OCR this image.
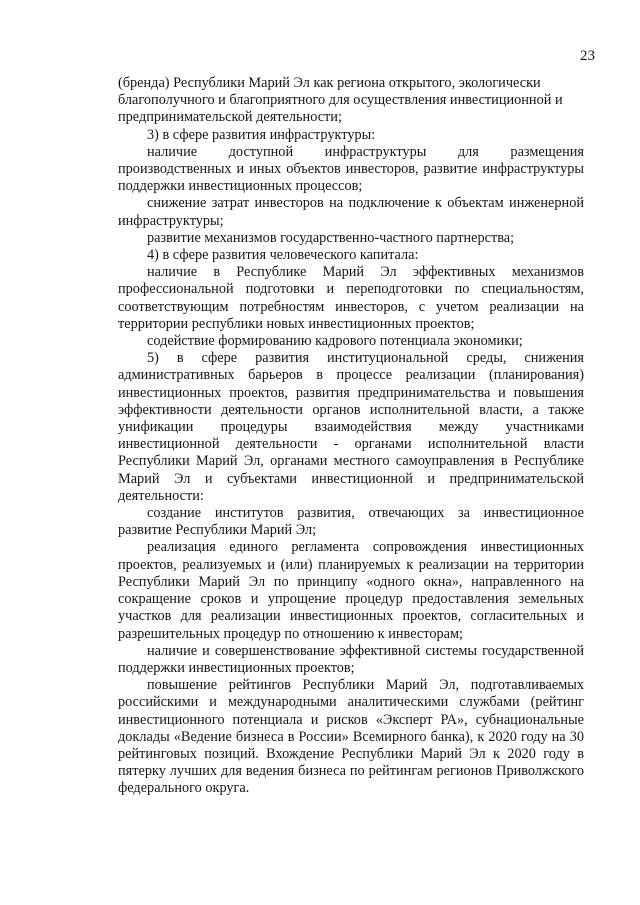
23

(бренда) Республики Марий Эл как региона открытого, экологически благополучного и благоприятного для осуществления инвестиционной и предпринимательской деятельности;

3) в сфере развития инфраструктуры:

наличие доступной инфраструктуры для размещения производственных и иных объектов инвесторов, развитие инфраструктуры поддержки инвестиционных процессов;

снижение затрат инвесторов на подключение к объектам инженерной инфраструктуры;

развитие механизмов государственно-частного партнерства;

4) в сфере развития человеческого капитала:

наличие в Республике Марий Эл эффективных механизмов профессиональной подготовки и переподготовки по специальностям, соответствующим потребностям инвесторов, с учетом реализации на территории республики новых инвестиционных проектов;

содействие формированию кадрового потенциала экономики;

5) в сфере развития институциональной среды, снижения административных барьеров в процессе реализации (планирования) инвестиционных проектов, развития предпринимательства и повышения эффективности деятельности органов исполнительной власти, а также унификации процедуры взаимодействия между участниками инвестиционной деятельности - органами исполнительной власти Республики Марий Эл, органами местного самоуправления в Республике Марий Эл и субъектами инвестиционной и предпринимательской деятельности:

создание институтов развития, отвечающих за инвестиционное развитие Республики Марий Эл;

реализация единого регламента сопровождения инвестиционных проектов, реализуемых и (или) планируемых к реализации на территории Республики Марий Эл по принципу «одного окна», направленного на сокращение сроков и упрощение процедур предоставления земельных участков для реализации инвестиционных проектов, согласительных и разрешительных процедур по отношению к инвесторам;

наличие и совершенствование эффективной системы государственной поддержки инвестиционных проектов;

повышение рейтингов Республики Марий Эл, подготавливаемых российскими и международными аналитическими службами (рейтинг инвестиционного потенциала и рисков «Эксперт РА», субнациональные доклады «Ведение бизнеса в России» Всемирного банка), к 2020 году на 30 рейтинговых позиций. Вхождение Республики Марий Эл к 2020 году в пятерку лучших для ведения бизнеса по рейтингам регионов Приволжского федерального округа.
